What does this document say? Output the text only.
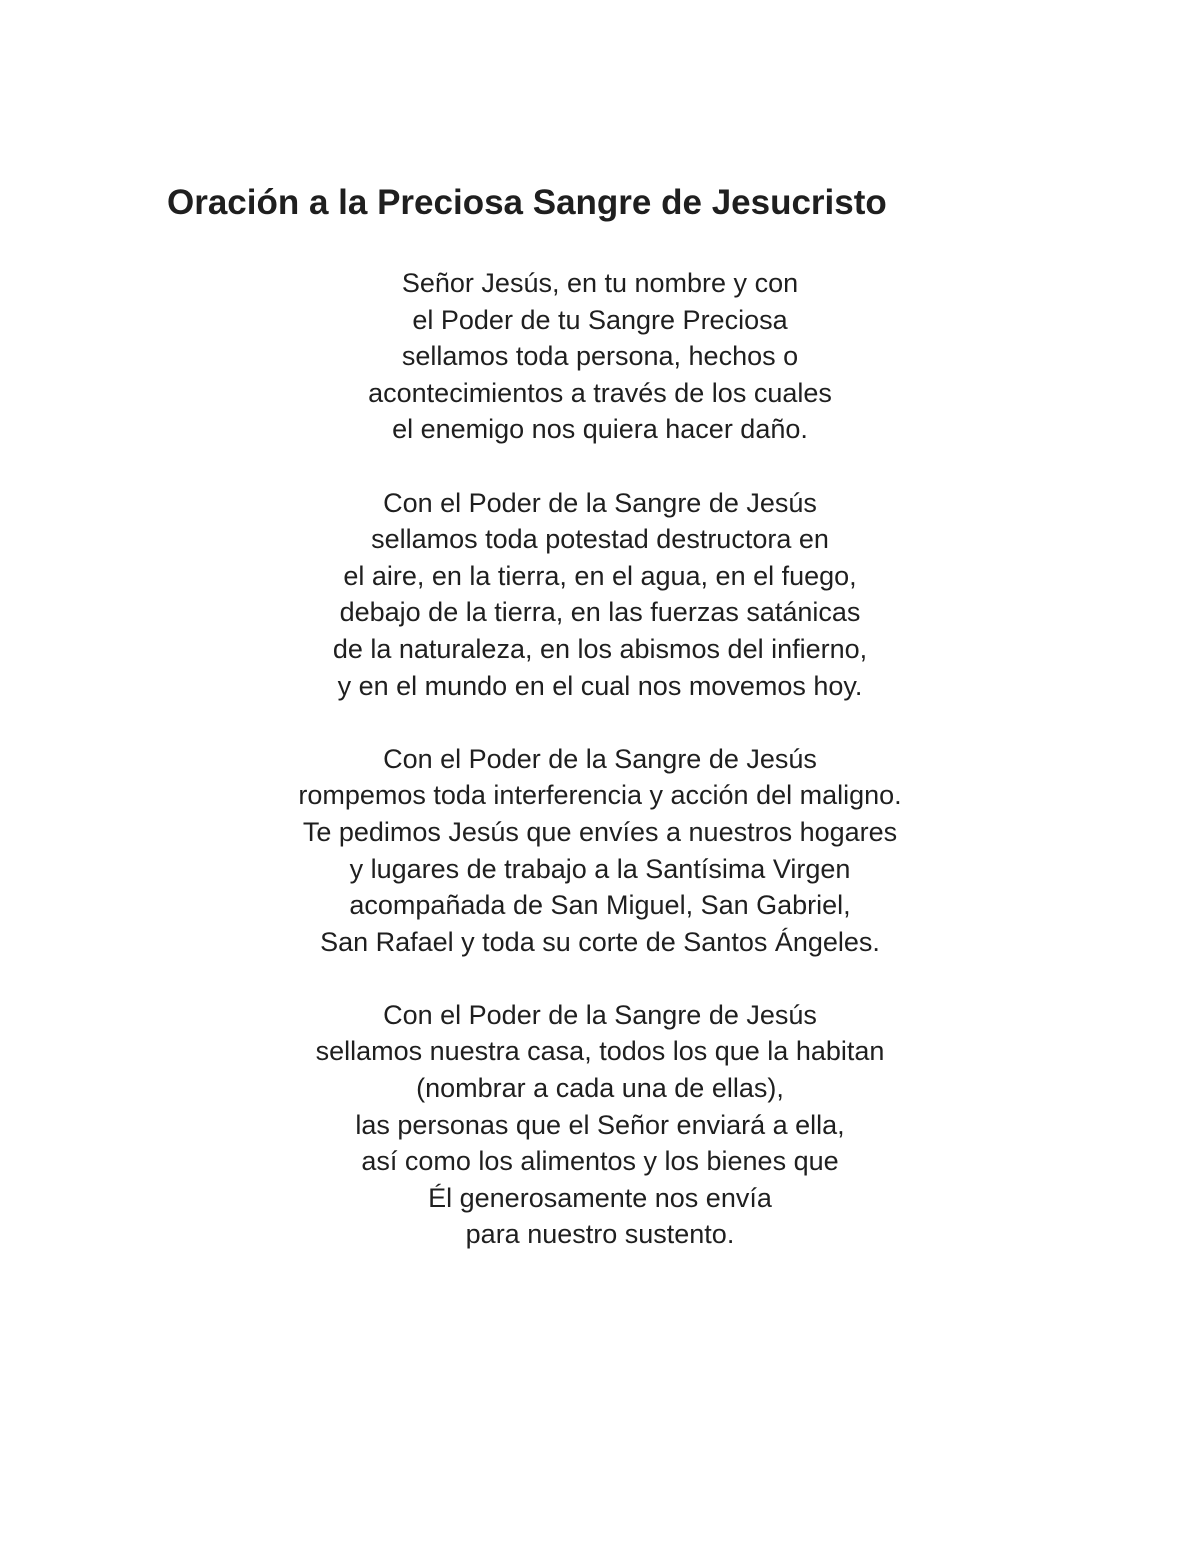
Oración a la Preciosa Sangre de Jesucristo

Señor Jesús, en tu nombre y con
el Poder de tu Sangre Preciosa
sellamos toda persona, hechos o
acontecimientos a través de los cuales
el enemigo nos quiera hacer daño.

Con el Poder de la Sangre de Jesús
sellamos toda potestad destructora en
el aire, en la tierra, en el agua, en el fuego,
debajo de la tierra, en las fuerzas satánicas
de la naturaleza, en los abismos del infierno,
y en el mundo en el cual nos movemos hoy.

Con el Poder de la Sangre de Jesús
rompemos toda interferencia y acción del maligno.
Te pedimos Jesús que envíes a nuestros hogares
y lugares de trabajo a la Santísima Virgen
acompañada de San Miguel, San Gabriel,
San Rafael y toda su corte de Santos Ángeles.

Con el Poder de la Sangre de Jesús
sellamos nuestra casa, todos los que la habitan
(nombrar a cada una de ellas),
las personas que el Señor enviará a ella,
así como los alimentos y los bienes que
Él generosamente nos envía
para nuestro sustento.
